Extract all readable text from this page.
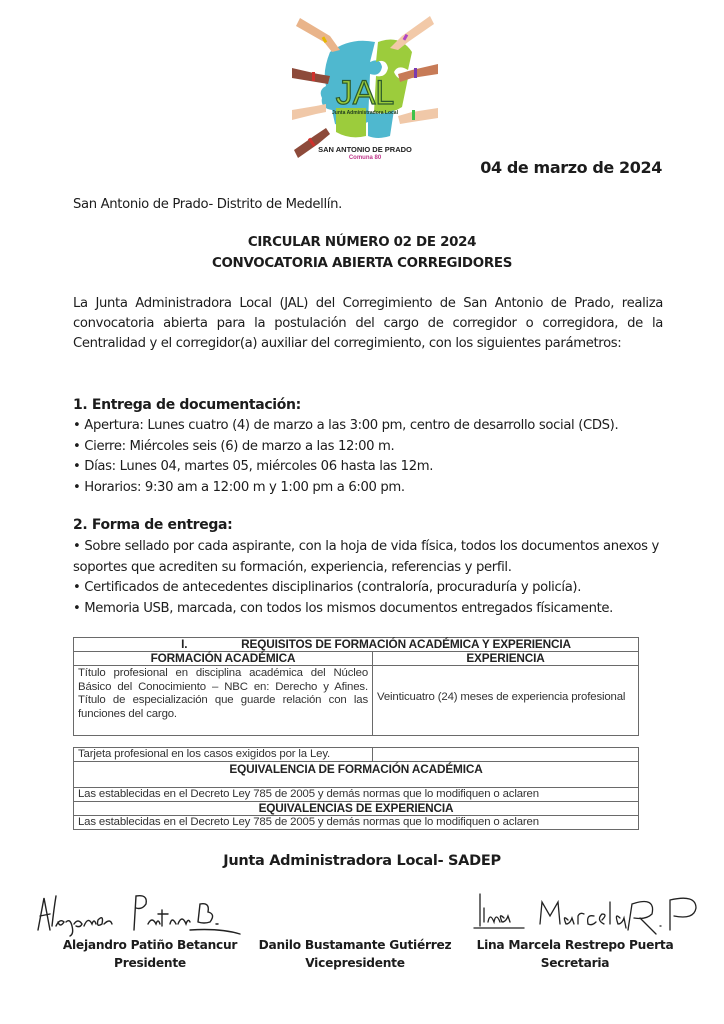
JAL
Junta Administradora Local
SAN ANTONIO DE PRADO
Comuna 80	04 de marzo de 2024
San Antonio de Prado- Distrito de Medellín.
CIRCULAR NÚMERO 02 DE 2024
CONVOCATORIA ABIERTA CORREGIDORES
La Junta Administradora Local (JAL) del Corregimiento de San Antonio de Prado, realiza convocatoria abierta para la postulación del cargo de corregidor o corregidora, de la Centralidad y el corregidor(a) auxiliar del corregimiento, con los siguientes parámetros:
1. Entrega de documentación:
• Apertura: Lunes cuatro (4) de marzo a las 3:00 pm, centro de desarrollo social (CDS).
• Cierre: Miércoles seis (6) de marzo a las 12:00 m.
• Días: Lunes 04, martes 05, miércoles 06 hasta las 12m.
• Horarios: 9:30 am a 12:00 m y 1:00 pm a 6:00 pm.
2. Forma de entrega:
• Sobre sellado por cada aspirante, con la hoja de vida física, todos los documentos anexos y soportes que acrediten su formación, experiencia, referencias y perfil.
• Certificados de antecedentes disciplinarios (contraloría, procuraduría y policía).
• Memoria USB, marcada, con todos los mismos documentos entregados físicamente.
I. REQUISITOS DE FORMACIÓN ACADÉMICA Y EXPERIENCIA	
FORMACIÓN ACADÉMICA	EXPERIENCIA
Título profesional en disciplina académica del Núcleo Básico del Conocimiento – NBC en: Derecho y Afines. Título de especialización que guarde relación con las funciones del cargo.	Veinticuatro (24) meses de experiencia profesional
Tarjeta profesional en los casos exigidos por la Ley.	
EQUIVALENCIA DE FORMACIÓN ACADÉMICA
Las establecidas en el Decreto Ley 785 de 2005 y demás normas que lo modifiquen o aclaren
EQUIVALENCIAS DE EXPERIENCIA
Las establecidas en el Decreto Ley 785 de 2005 y demás normas que lo modifiquen o aclaren
Junta Administradora Local- SADEP
Alejandro Patiño Betancur
Presidente
Danilo Bustamante Gutiérrez
Vicepresidente
Lina Marcela Restrepo Puerta
Secretaria
